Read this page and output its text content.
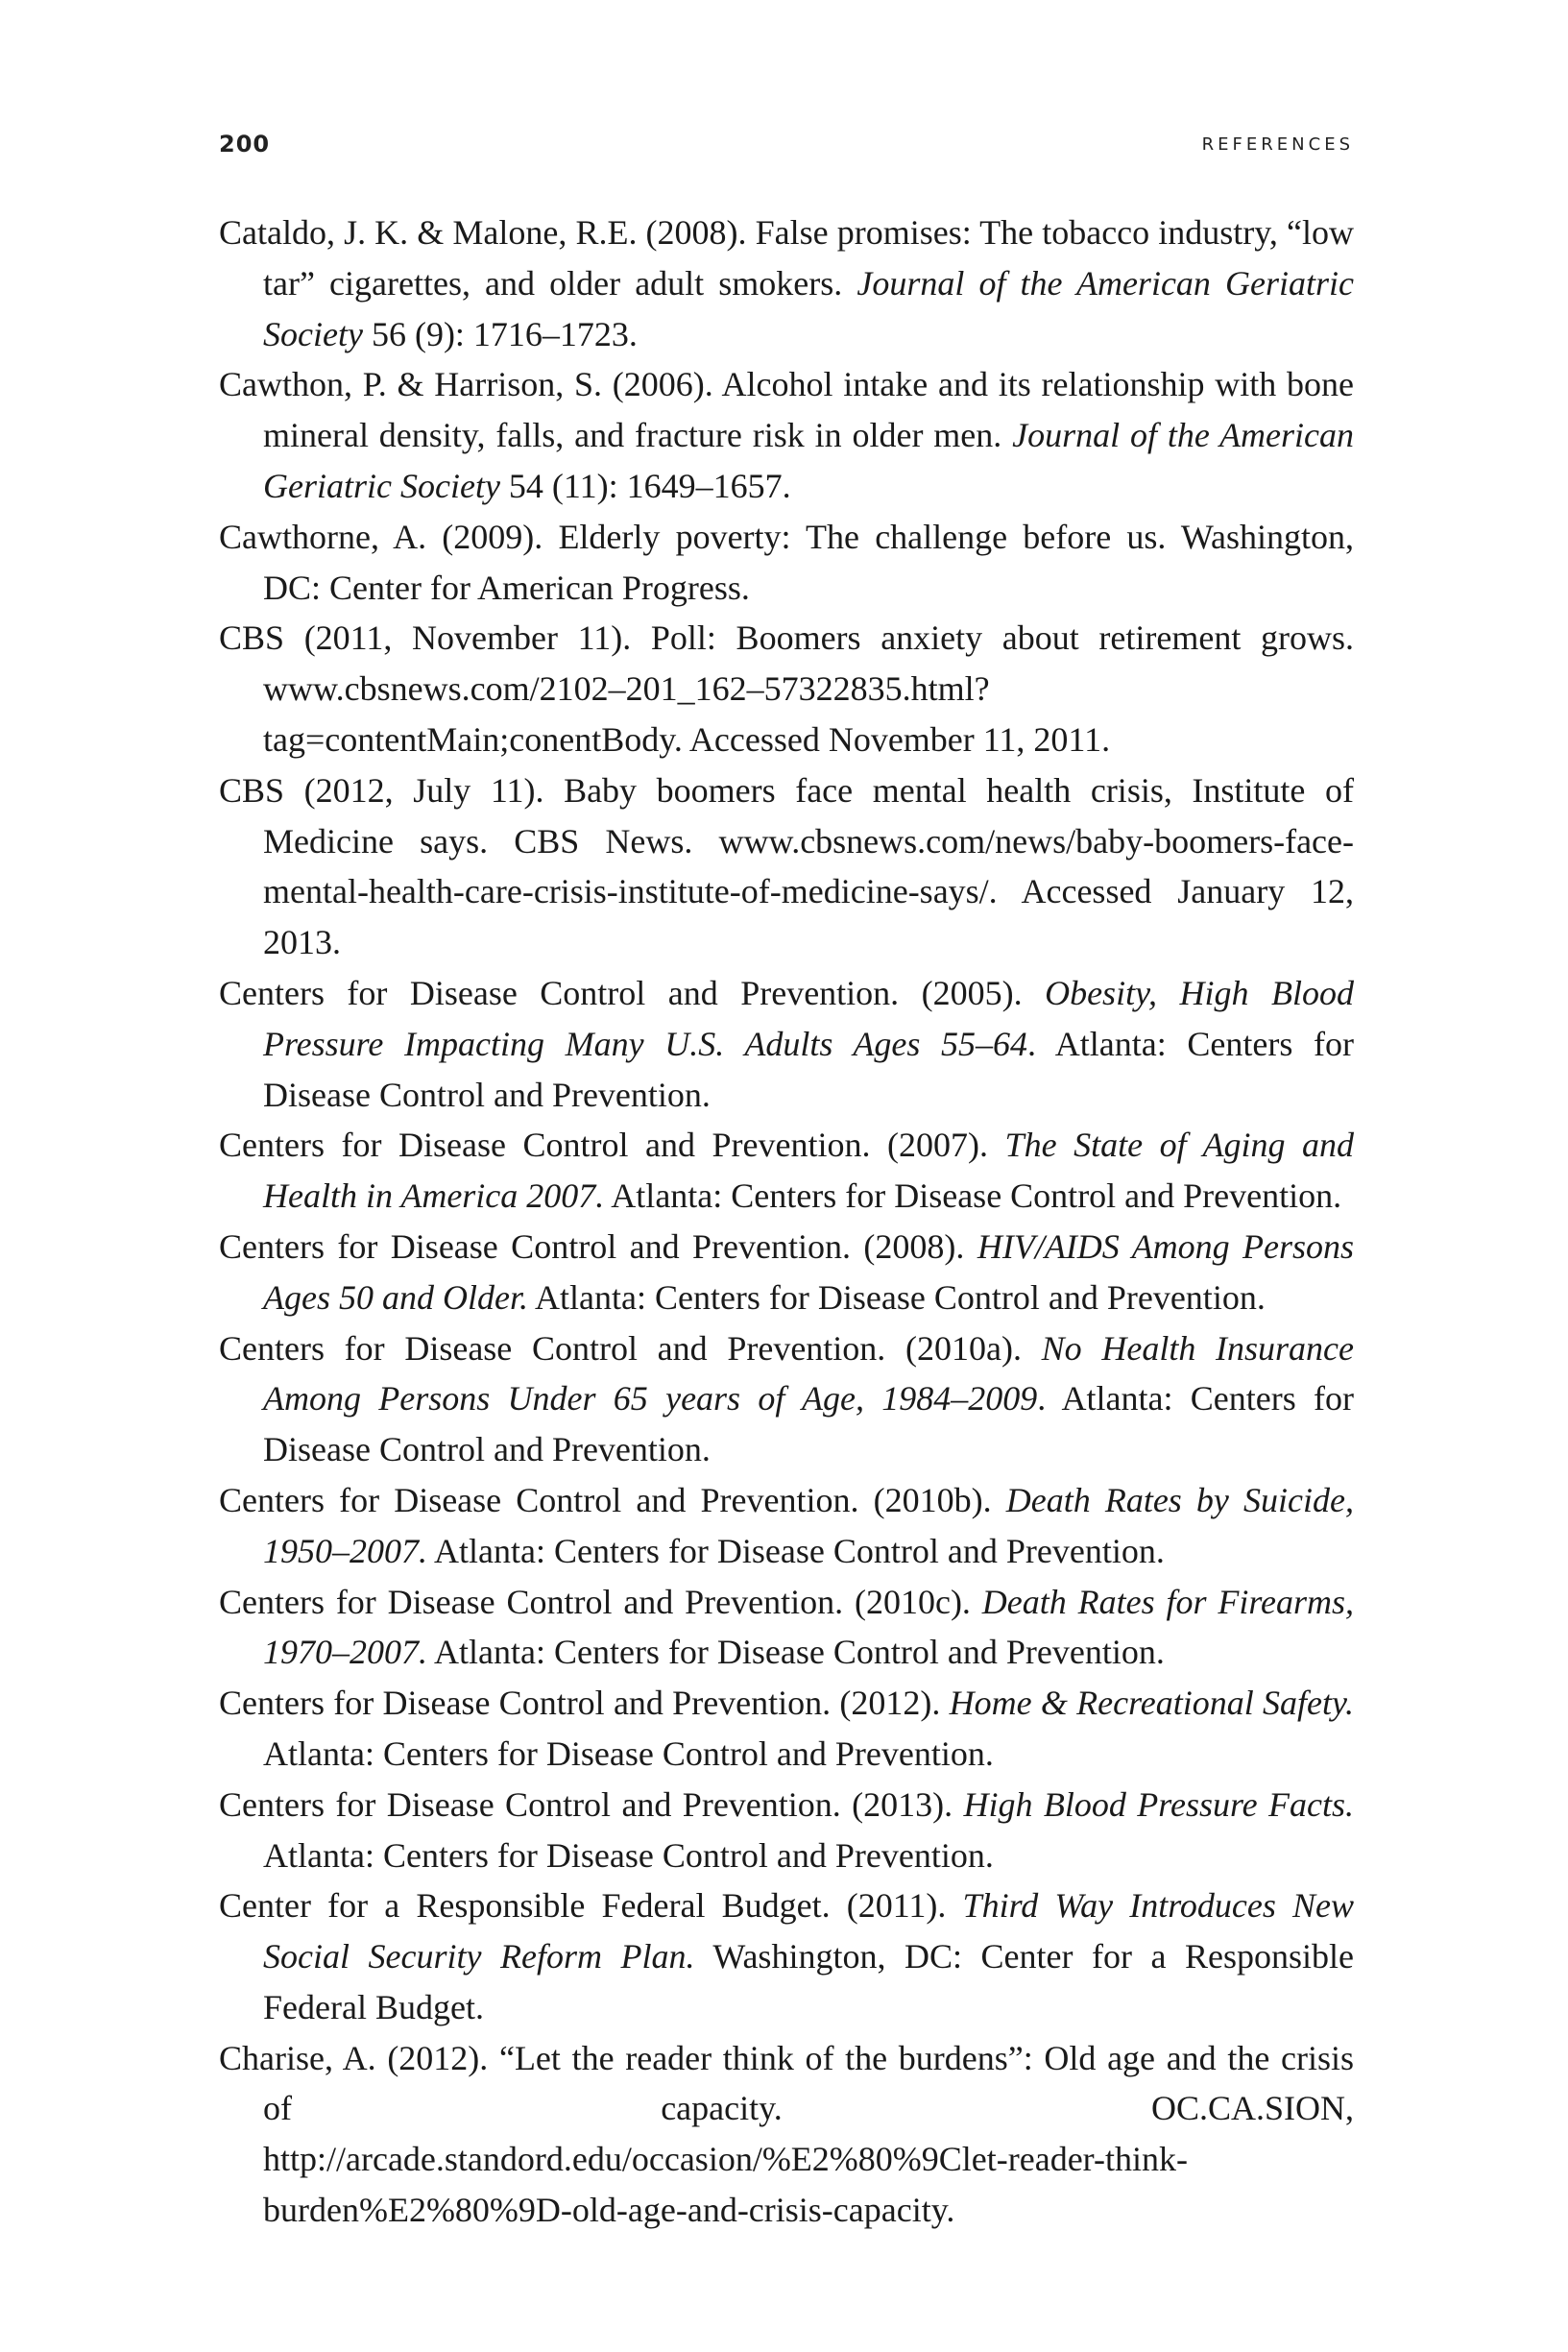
200	REFERENCES

Cataldo, J. K. & Malone, R.E. (2008). False promises: The tobacco industry, “low tar” cigarettes, and older adult smokers. Journal of the American Geriatric Society 56 (9): 1716–1723.

Cawthon, P. & Harrison, S. (2006). Alcohol intake and its relationship with bone mineral density, falls, and fracture risk in older men. Journal of the American Geriatric Society 54 (11): 1649–1657.

Cawthorne, A. (2009). Elderly poverty: The challenge before us. Washington, DC: Center for American Progress.

CBS (2011, November 11). Poll: Boomers anxiety about retirement grows. www.cbsnews.com/2102–201_162–57322835.html?tag=contentMain;conentBody. Accessed November 11, 2011.

CBS (2012, July 11). Baby boomers face mental health crisis, Institute of Medicine says. CBS News. www.cbsnews.com/news/baby-boomers-face-mental-health-care-crisis-institute-of-medicine-says/. Accessed January 12, 2013.

Centers for Disease Control and Prevention. (2005). Obesity, High Blood Pressure Impacting Many U.S. Adults Ages 55–64. Atlanta: Centers for Disease Control and Prevention.

Centers for Disease Control and Prevention. (2007). The State of Aging and Health in America 2007. Atlanta: Centers for Disease Control and Prevention.

Centers for Disease Control and Prevention. (2008). HIV/AIDS Among Persons Ages 50 and Older. Atlanta: Centers for Disease Control and Prevention.

Centers for Disease Control and Prevention. (2010a). No Health Insurance Among Persons Under 65 years of Age, 1984–2009. Atlanta: Centers for Disease Control and Prevention.

Centers for Disease Control and Prevention. (2010b). Death Rates by Suicide, 1950–2007. Atlanta: Centers for Disease Control and Prevention.

Centers for Disease Control and Prevention. (2010c). Death Rates for Firearms, 1970–2007. Atlanta: Centers for Disease Control and Prevention.

Centers for Disease Control and Prevention. (2012). Home & Recreational Safety. Atlanta: Centers for Disease Control and Prevention.

Centers for Disease Control and Prevention. (2013). High Blood Pressure Facts. Atlanta: Centers for Disease Control and Prevention.

Center for a Responsible Federal Budget. (2011). Third Way Introduces New Social Security Reform Plan. Washington, DC: Center for a Responsible Federal Budget.

Charise, A. (2012). “Let the reader think of the burdens”: Old age and the crisis of capacity. OC.CA.SION, http://arcade.standord.edu/occasion/%E2%80%9Clet-reader-think-burden%E2%80%9D-old-age-and-crisis-capacity.
